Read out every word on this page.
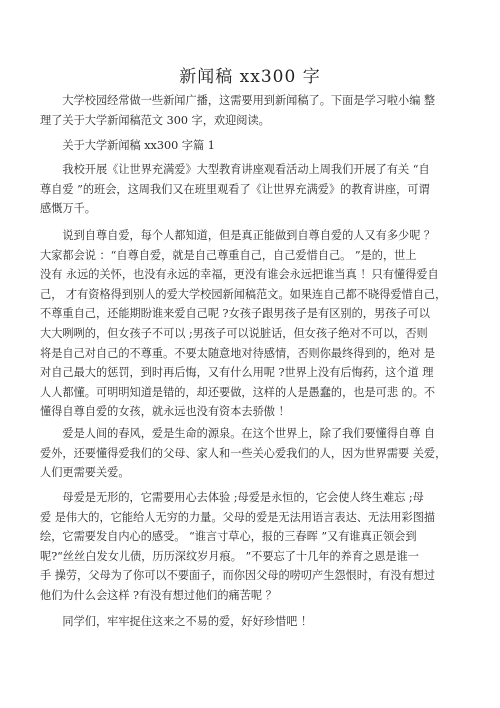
新闻稿 xx300 字

　　大学校园经常做一些新闻广播，这需要用到新闻稿了。下面是学习啦小编 整
理了关于大学新闻稿范文 300 字，欢迎阅读。

　　关于大学新闻稿 xx300 字篇 1

　　我校开展《让世界充满爱》大型教育讲座观看活动上周我们开展了有关 “自
尊自爱 ”的班会，这周我们又在班里观看了《让世界充满爱》的教育讲座，可谓
感慨万千。

　　说到自尊自爱，每个人都知道，但是真正能做到自尊自爱的人又有多少呢 ？
大家都会说 ：“自尊自爱，就是自己尊重自己，自己爱惜自己。 ”是的，世上
没有 永远的关怀，也没有永远的幸福，更没有谁会永远把谁当真 ！只有懂得爱自
己， 才有资格得到别人的爱大学校园新闻稿范文。如果连自己都不晓得爱惜自己，
不尊重自己，还能期盼谁来爱自己呢 ?女孩子跟男孩子是有区别的，男孩子可以
大大咧咧的，但女孩子不可以 ;男孩子可以说脏话，但女孩子绝对不可以，否则
将是自己对自己的不尊重。不要太随意地对待感情，否则你最终得到的，绝对 是
对自己最大的惩罚，到时再后悔，又有什么用呢 ?世界上没有后悔药，这个道 理
人人都懂。可明明知道是错的，却还要做，这样的人是愚蠢的，也是可悲 的。不
懂得自尊自爱的女孩，就永远也没有资本去骄傲 ！

　　爱是人间的春风，爱是生命的源泉。在这个世界上，除了我们要懂得自尊 自
爱外，还要懂得爱我们的父母、家人和一些关心爱我们的人，因为世界需要 关爱，
人们更需要关爱。

　　母爱是无形的，它需要用心去体验 ;母爱是永恒的，它会使人终生难忘 ;母
爱 是伟大的，它能给人无穷的力量。父母的爱是无法用语言表达、无法用彩图描
绘，它需要发自内心的感受。 “谁言寸草心，报的三春晖 ”又有谁真正领会到
呢?“丝丝白发女儿债，历历深纹岁月痕。 ”不要忘了十几年的养育之恩是谁一
手 操劳，父母为了你可以不要面子，而你因父母的唠叨产生怨恨时，有没有想过
他们为什么会这样 ?有没有想过他们的痛苦呢 ？

　　同学们，牢牢捉住这来之不易的爱，好好珍惜吧 ！
